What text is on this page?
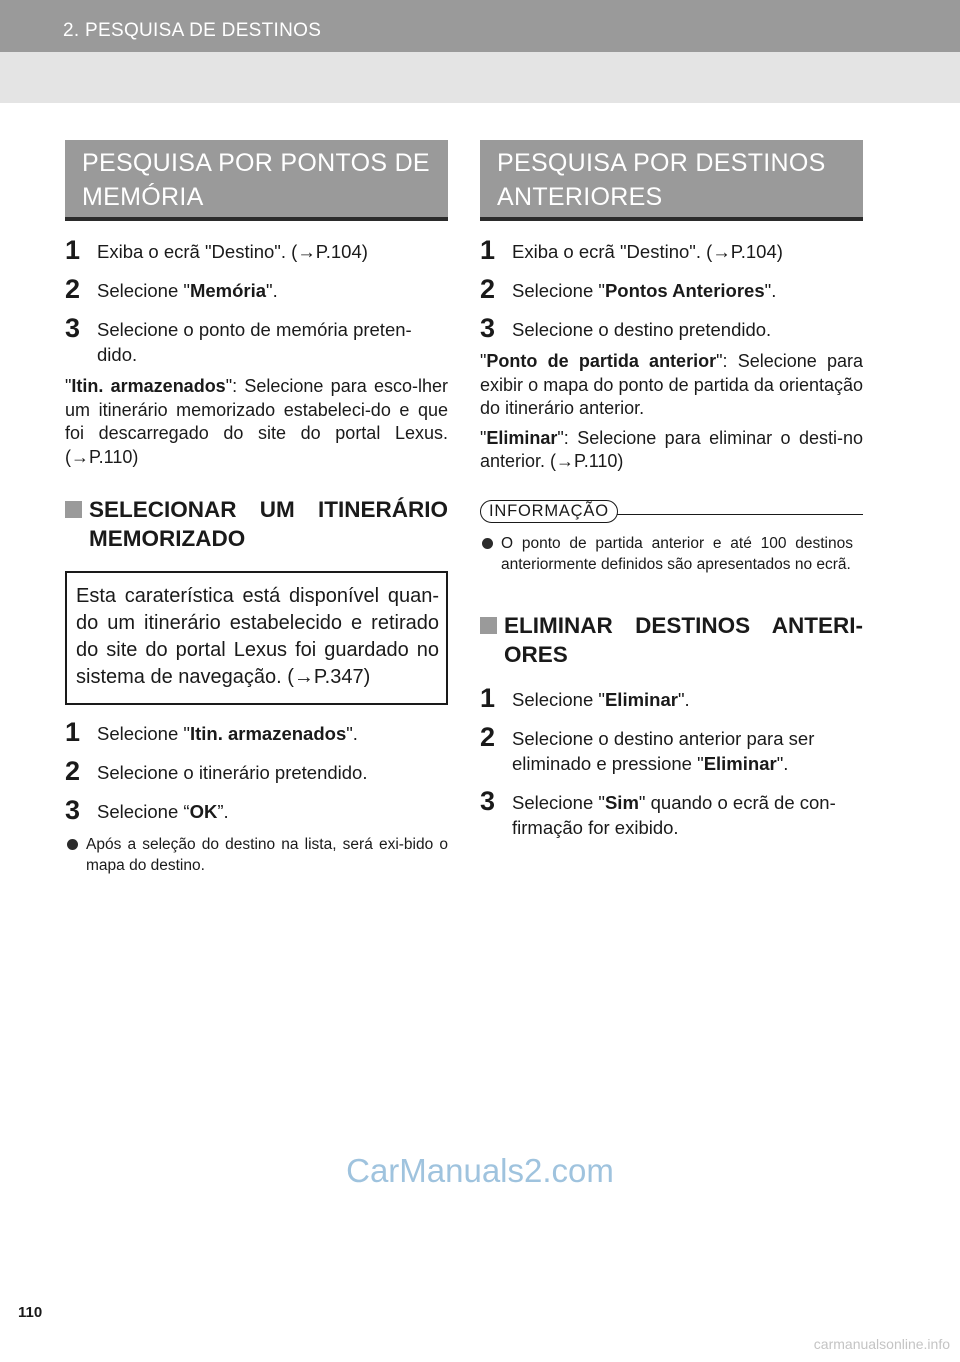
2. PESQUISA DE DESTINOS
PESQUISA POR PONTOS DE
MEMÓRIA
1 Exiba o ecrã "Destino". (→P.104)
2 Selecione "Memória".
3 Selecione o ponto de memória preten-dido.

"Itin. armazenados": Selecione para esco-lher um itinerário memorizado estabeleci-do e que foi descarregado do site do portal Lexus. (→P.110)

SELECIONAR UM ITINERÁRIO MEMORIZADO
Esta caraterística está disponível quan-do um itinerário estabelecido e retirado do site do portal Lexus foi guardado no sistema de navegação. (→P.347)
1 Selecione "Itin. armazenados".
2 Selecione o itinerário pretendido.
3 Selecione “OK”.
Após a seleção do destino na lista, será exi-bido o mapa do destino.
PESQUISA POR DESTINOS
ANTERIORES
1 Exiba o ecrã "Destino". (→P.104)
2 Selecione "Pontos Anteriores".
3 Selecione o destino pretendido.

"Ponto de partida anterior": Selecione para exibir o mapa do ponto de partida da orientação do itinerário anterior.

"Eliminar": Selecione para eliminar o desti-no anterior. (→P.110)

INFORMAÇÃO
O ponto de partida anterior e até 100 destinos anteriormente definidos são apresentados no ecrã.
ELIMINAR DESTINOS ANTERI-ORES
1 Selecione "Eliminar".
2 Selecione o destino anterior para ser eliminado e pressione "Eliminar".
3 Selecione "Sim" quando o ecrã de con-firmação for exibido.
CarManuals2.com
110
carmanualsonline.info
